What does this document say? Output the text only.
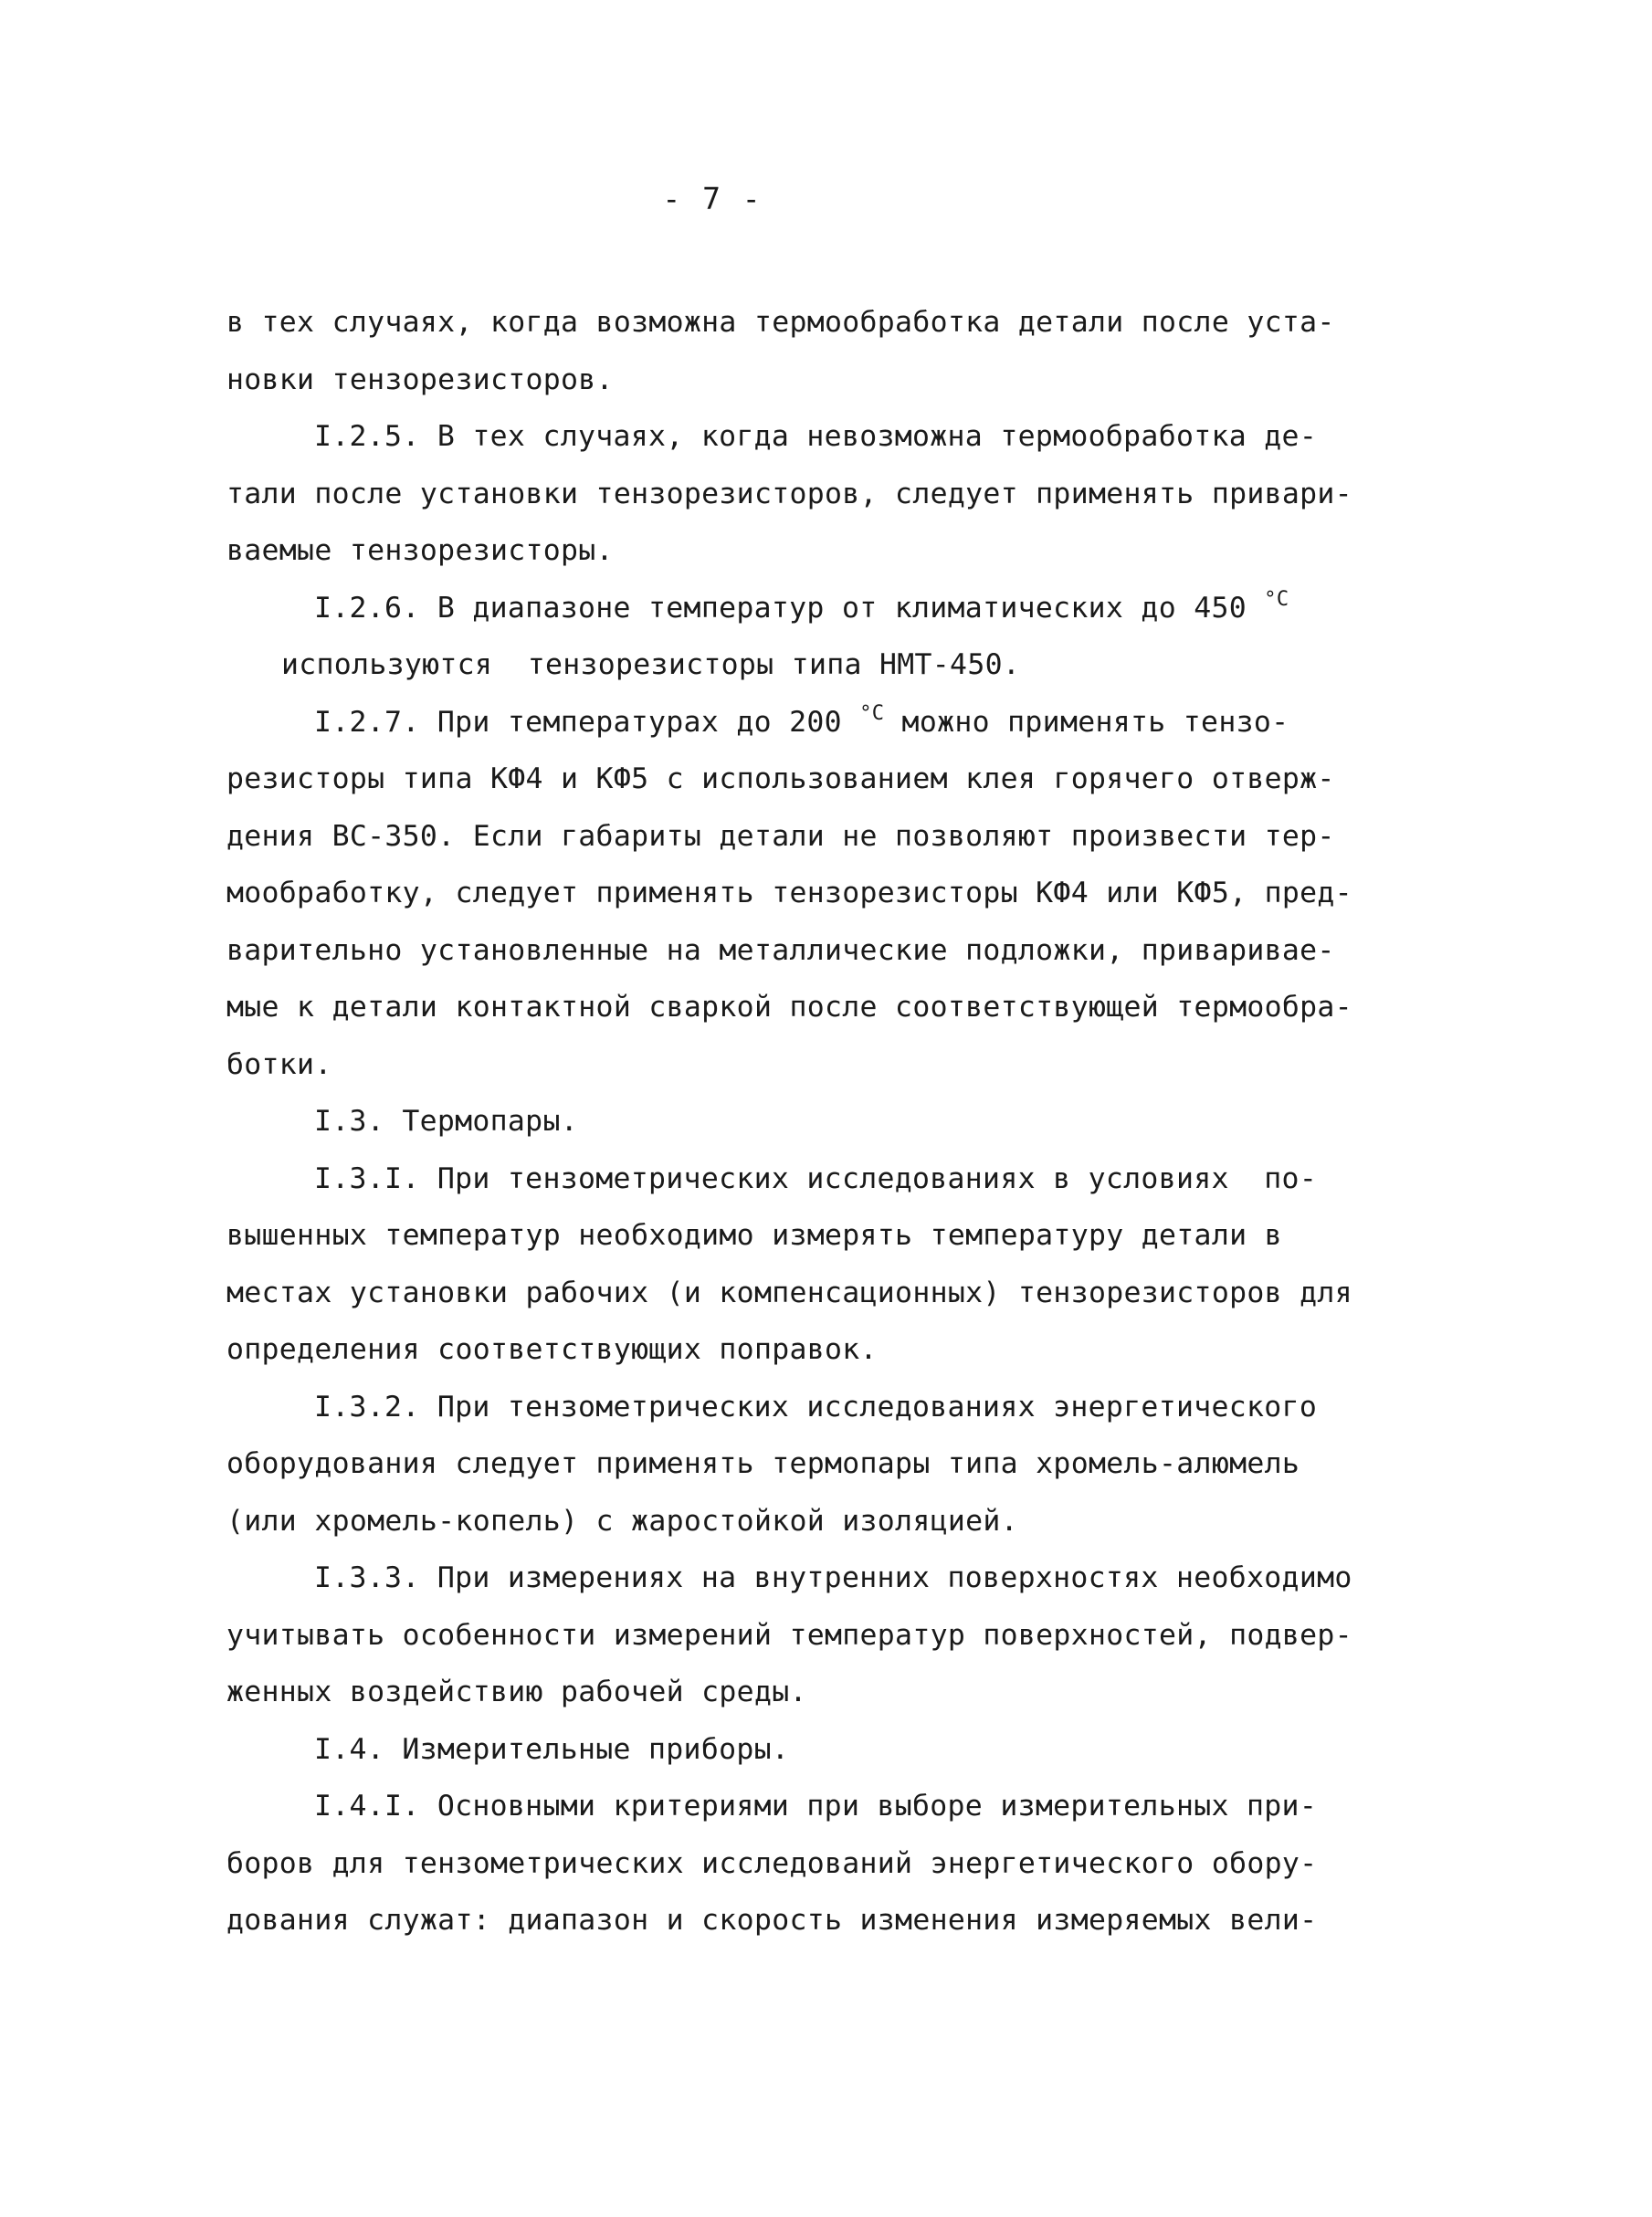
- 7 -
в тех случаях, когда возможна термообработка детали после уста-
новки тензорезисторов.
I.2.5. В тех случаях, когда невозможна термообработка де-
тали после установки тензорезисторов, следует применять привари-
ваемые тензорезисторы.
I.2.6. В диапазоне температур от климатических до 450 $^{^\circ С}$
используются  тензорезисторы типа НМТ-450.
I.2.7. При температурах до 200 $^{^\circ С}$ можно применять тензо-
резисторы типа КФ4 и КФ5 с использованием клея горячего отверж-
дения ВС-350. Если габариты детали не позволяют произвести тер-
мообработку, следует применять тензорезисторы КФ4 или КФ5, пред-
варительно установленные на металлические подложки, привариваe-
мые к детали контактной сваркой после соответствующей термообра-
ботки.
I.3. Термопары.
I.3.I. При тензометрических исследованиях в условиях  по-
вышенных температур необходимо измерять температуру детали в
местах установки рабочих (и компенсационных) тензорезисторов для
определения соответствующих поправок.
I.3.2. При тензометрических исследованиях энергетического
оборудования следует применять термопары типа хромель-алюмель
(или хромель-копель) с жаростойкой изоляцией.
I.3.3. При измерениях на внутренних поверхностях необходимо
учитывать особенности измерений температур поверхностей, подвер-
женных воздействию рабочей среды.
I.4. Измерительные приборы.
I.4.I. Основными критериями при выборе измерительных при-
боров для тензометрических исследований энергетического обору-
дования служат: диапазон и скорость изменения измеряемых вели-
